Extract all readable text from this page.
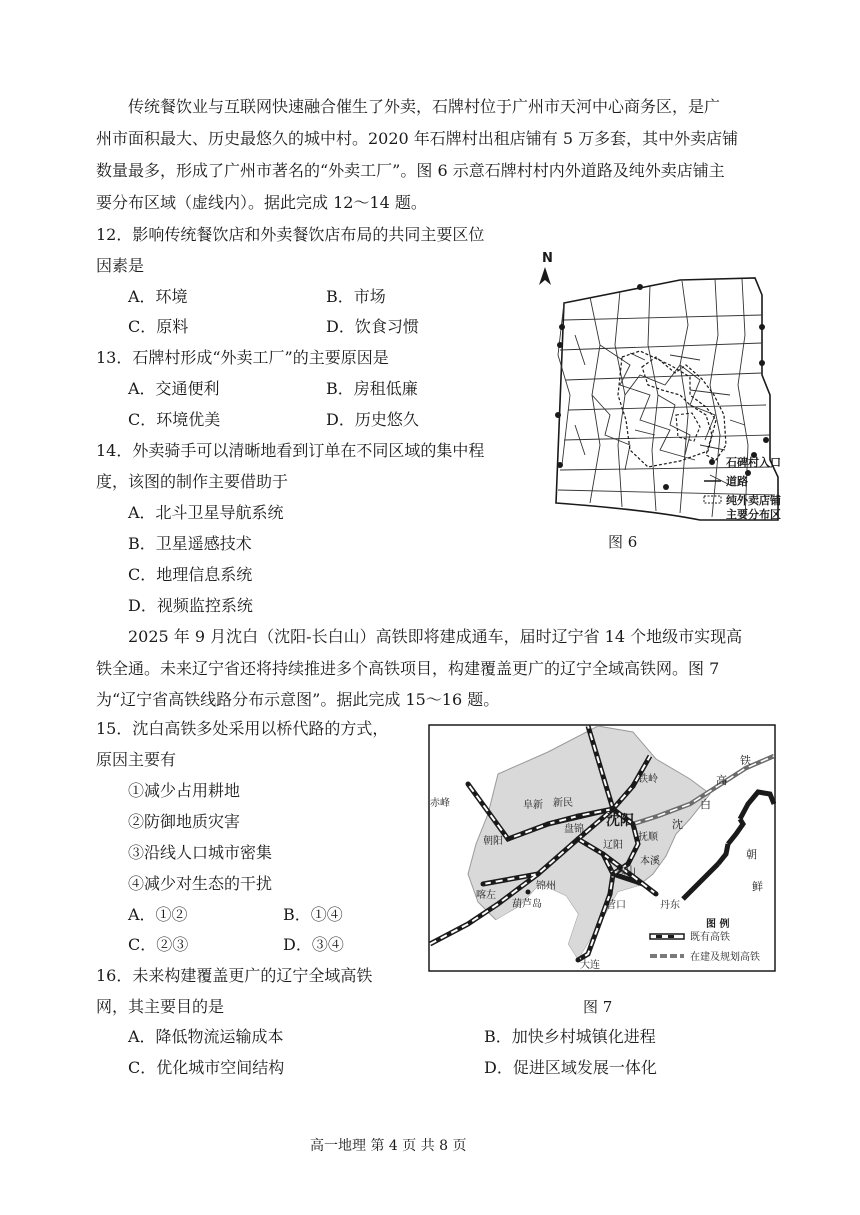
传统餐饮业与互联网快速融合催生了外卖，石牌村位于广州市天河中心商务区，是广
州市面积最大、历史最悠久的城中村。2020 年石牌村出租店铺有 5 万多套，其中外卖店铺
数量最多，形成了广州市著名的“外卖工厂”。图 6 示意石牌村村内外道路及纯外卖店铺主
要分布区域（虚线内）。据此完成 12～14 题。
12．影响传统餐饮店和外卖餐饮店布局的共同主要区位
因素是
A．环境	B．市场
C．原料	D．饮食习惯
13．石牌村形成“外卖工厂”的主要原因是
A．交通便利	B．房租低廉
C．环境优美	D．历史悠久
14．外卖骑手可以清晰地看到订单在不同区域的集中程
度，该图的制作主要借助于
A．北斗卫星导航系统
B．卫星遥感技术
C．地理信息系统
D．视频监控系统
N
石碑村入口
道路
纯外卖店铺
主要分布区
图 6
2025 年 9 月沈白（沈阳-长白山）高铁即将建成通车，届时辽宁省 14 个地级市实现高
铁全通。未来辽宁省还将持续推进多个高铁项目，构建覆盖更广的辽宁全域高铁网。图 7
为“辽宁省高铁线路分布示意图”。据此完成 15～16 题。
15．沈白高铁多处采用以桥代路的方式，
原因主要有
①减少占用耕地
②防御地质灾害
③沿线人口城市密集
④减少对生态的干扰
A．①②	B．①④
C．②③	D．③④
16．未来构建覆盖更广的辽宁全域高铁
网，其主要目的是
A．降低物流运输成本	B．加快乡村城镇化进程
C．优化城市空间结构	D．促进区域发展一体化
赤峰	阜新 新民
沈阳
铁岭
抚顺
朝阳
盘锦
辽阳
本溪
喀左
锦州
鞍山
葫芦岛	营口	丹东
大连
沈
白
高
铁
朝
鲜
图 例
既有高铁
在建及规划高铁
图 7
高一地理 第 4 页 共 8 页
